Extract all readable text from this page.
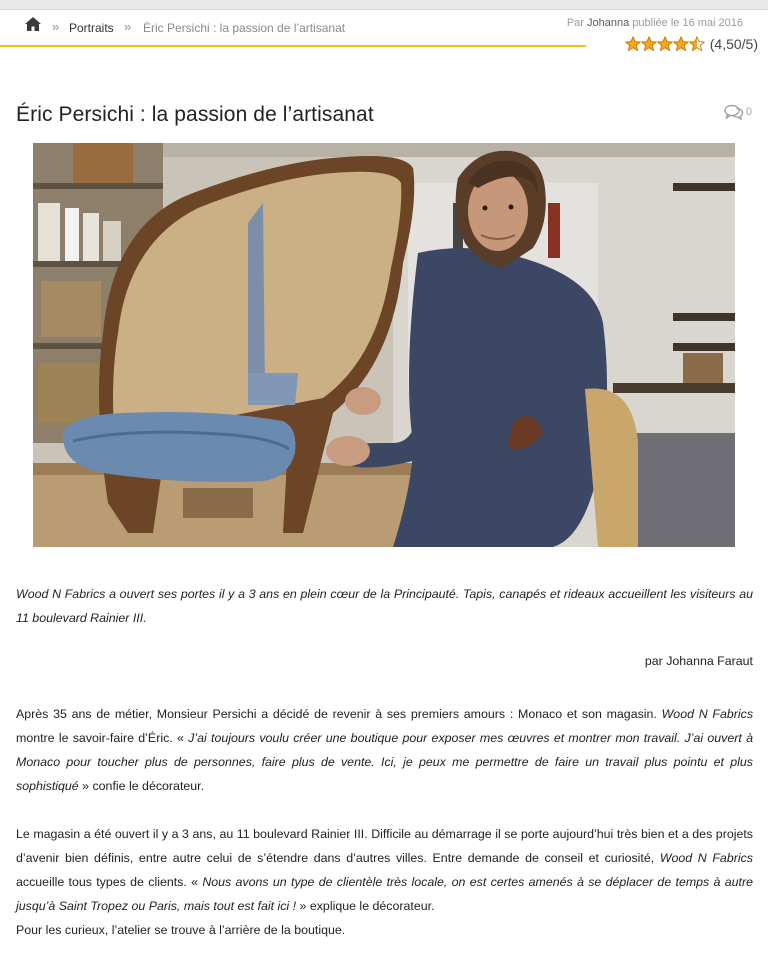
» Portraits » Éric Persichi : la passion de l’artisanat	Par Johanna publiée le 16 mai 2016
(4,50/5)
Éric Persichi : la passion de l’artisanat	0

Wood N Fabrics a ouvert ses portes il y a 3 ans en plein cœur de la Principauté. Tapis, canapés et rideaux accueillent les visiteurs au 11 boulevard Rainier III.

par Johanna Faraut

Après 35 ans de métier, Monsieur Persichi a décidé de revenir à ses premiers amours : Monaco et son magasin. Wood N Fabrics montre le savoir-faire d’Éric. « J’ai toujours voulu créer une boutique pour exposer mes œuvres et montrer mon travail. J’ai ouvert à Monaco pour toucher plus de personnes, faire plus de vente. Ici, je peux me permettre de faire un travail plus pointu et plus sophistiqué » confie le décorateur.

Le magasin a été ouvert il y a 3 ans, au 11 boulevard Rainier III. Difficile au démarrage il se porte aujourd’hui très bien et a des projets d’avenir bien définis, entre autre celui de s’étendre dans d’autres villes. Entre demande de conseil et curiosité, Wood N Fabrics accueille tous types de clients. « Nous avons un type de clientèle très locale, on est certes amenés à se déplacer de temps à autre jusqu’à Saint Tropez ou Paris, mais tout est fait ici ! » explique le décorateur.

Pour les curieux, l’atelier se trouve à l’arrière de la boutique.
